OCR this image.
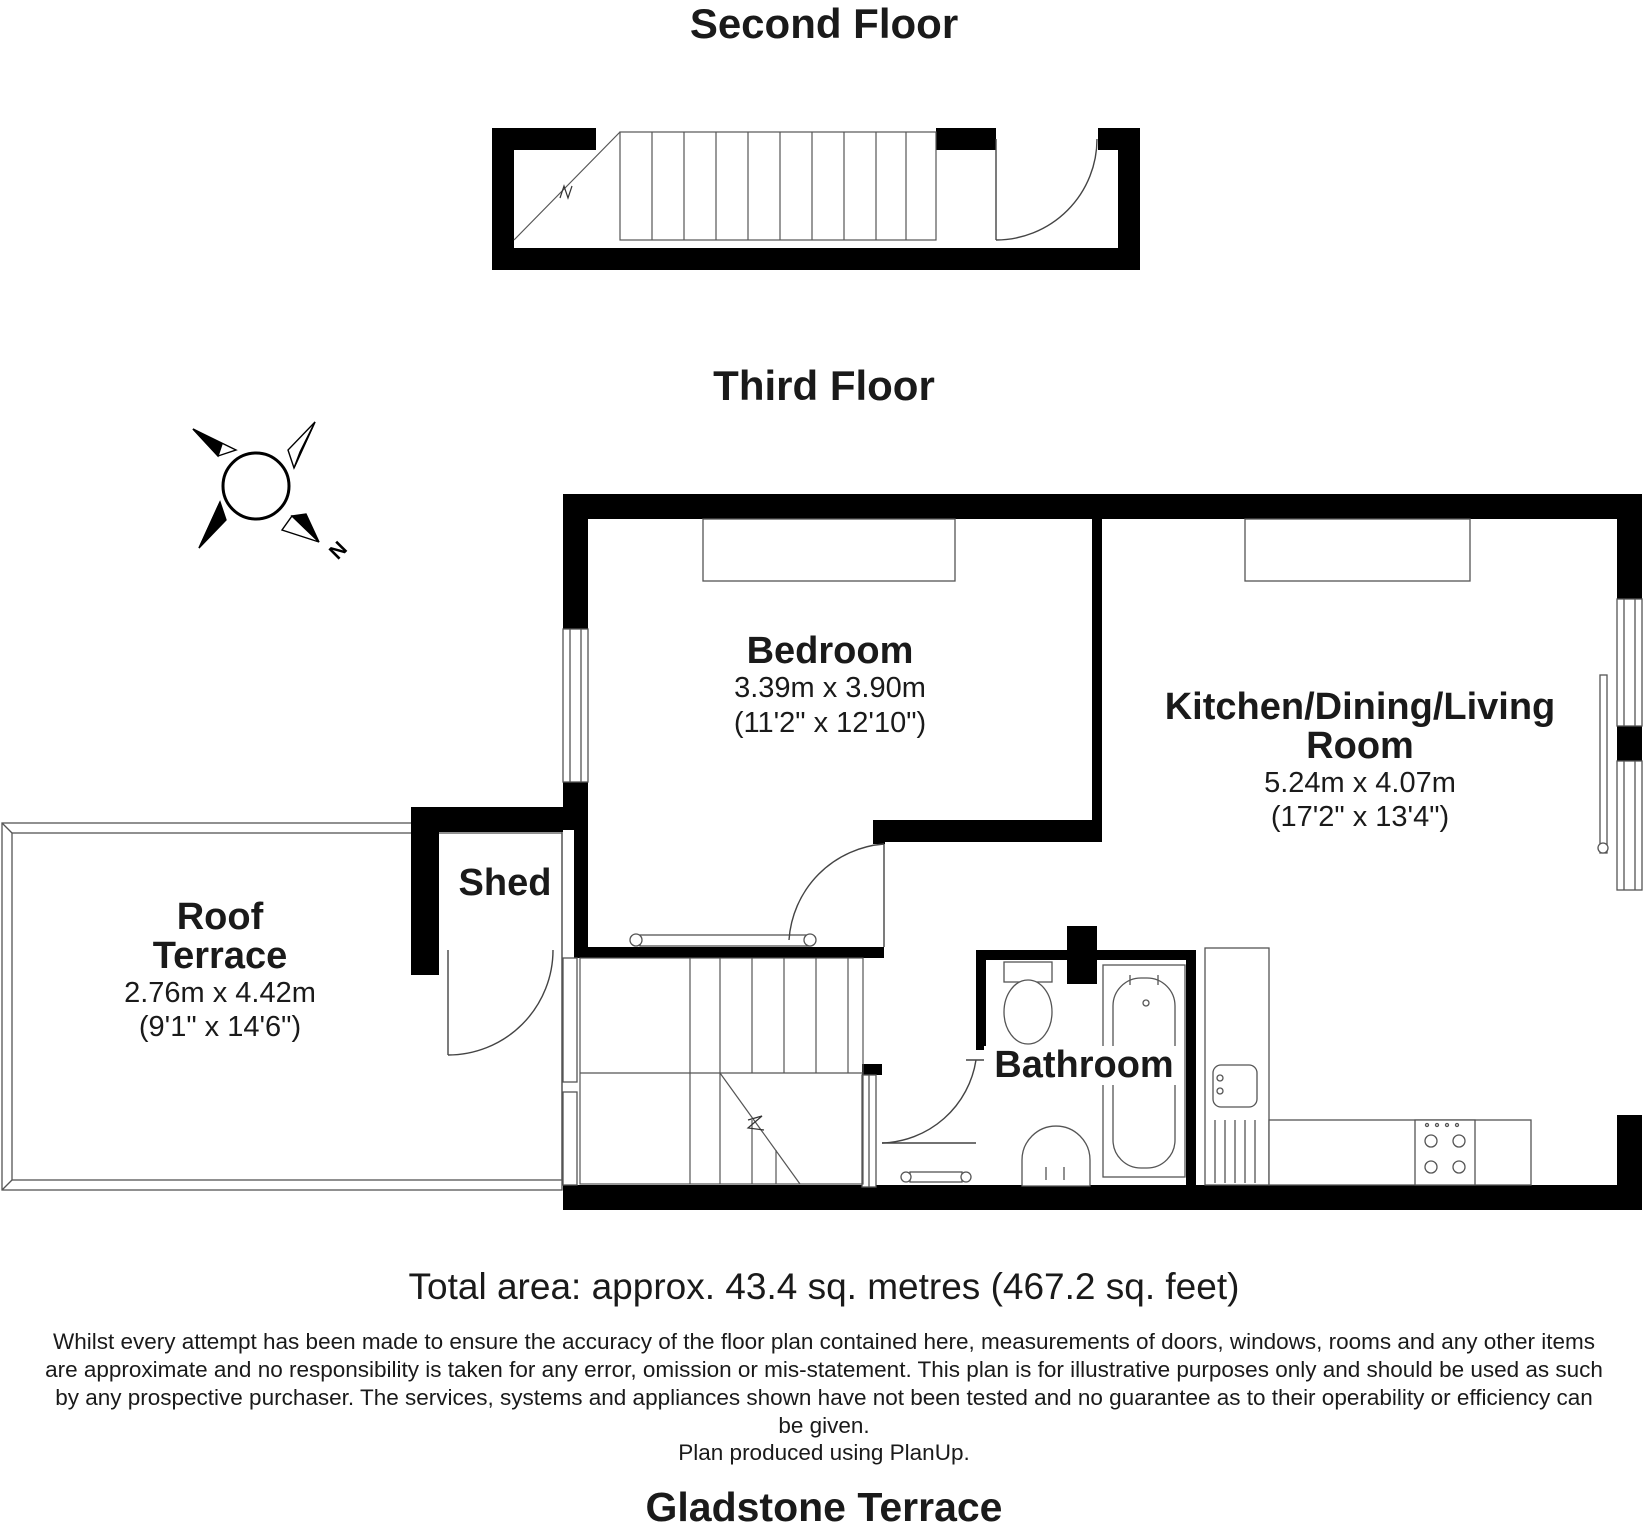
N
Second Floor
Third Floor
Bedroom
3.39m x 3.90m
(11'2" x 12'10")	Kitchen/Dining/Living
Room
5.24m x 4.07m
(17'2" x 13'4")
Shed
Roof
Terrace
2.76m x 4.42m
(9'1" x 14'6")
Bathroom
Total area: approx. 43.4 sq. metres (467.2 sq. feet)
Whilst every attempt has been made to ensure the accuracy of the floor plan contained here, measurements of doors, windows, rooms and any other items are approximate and no responsibility is taken for any error, omission or mis-statement. This plan is for illustrative purposes only and should be used as such by any prospective purchaser. The services, systems and appliances shown have not been tested and no guarantee as to their operability or efficiency can be given.
Plan produced using PlanUp.
Gladstone Terrace
